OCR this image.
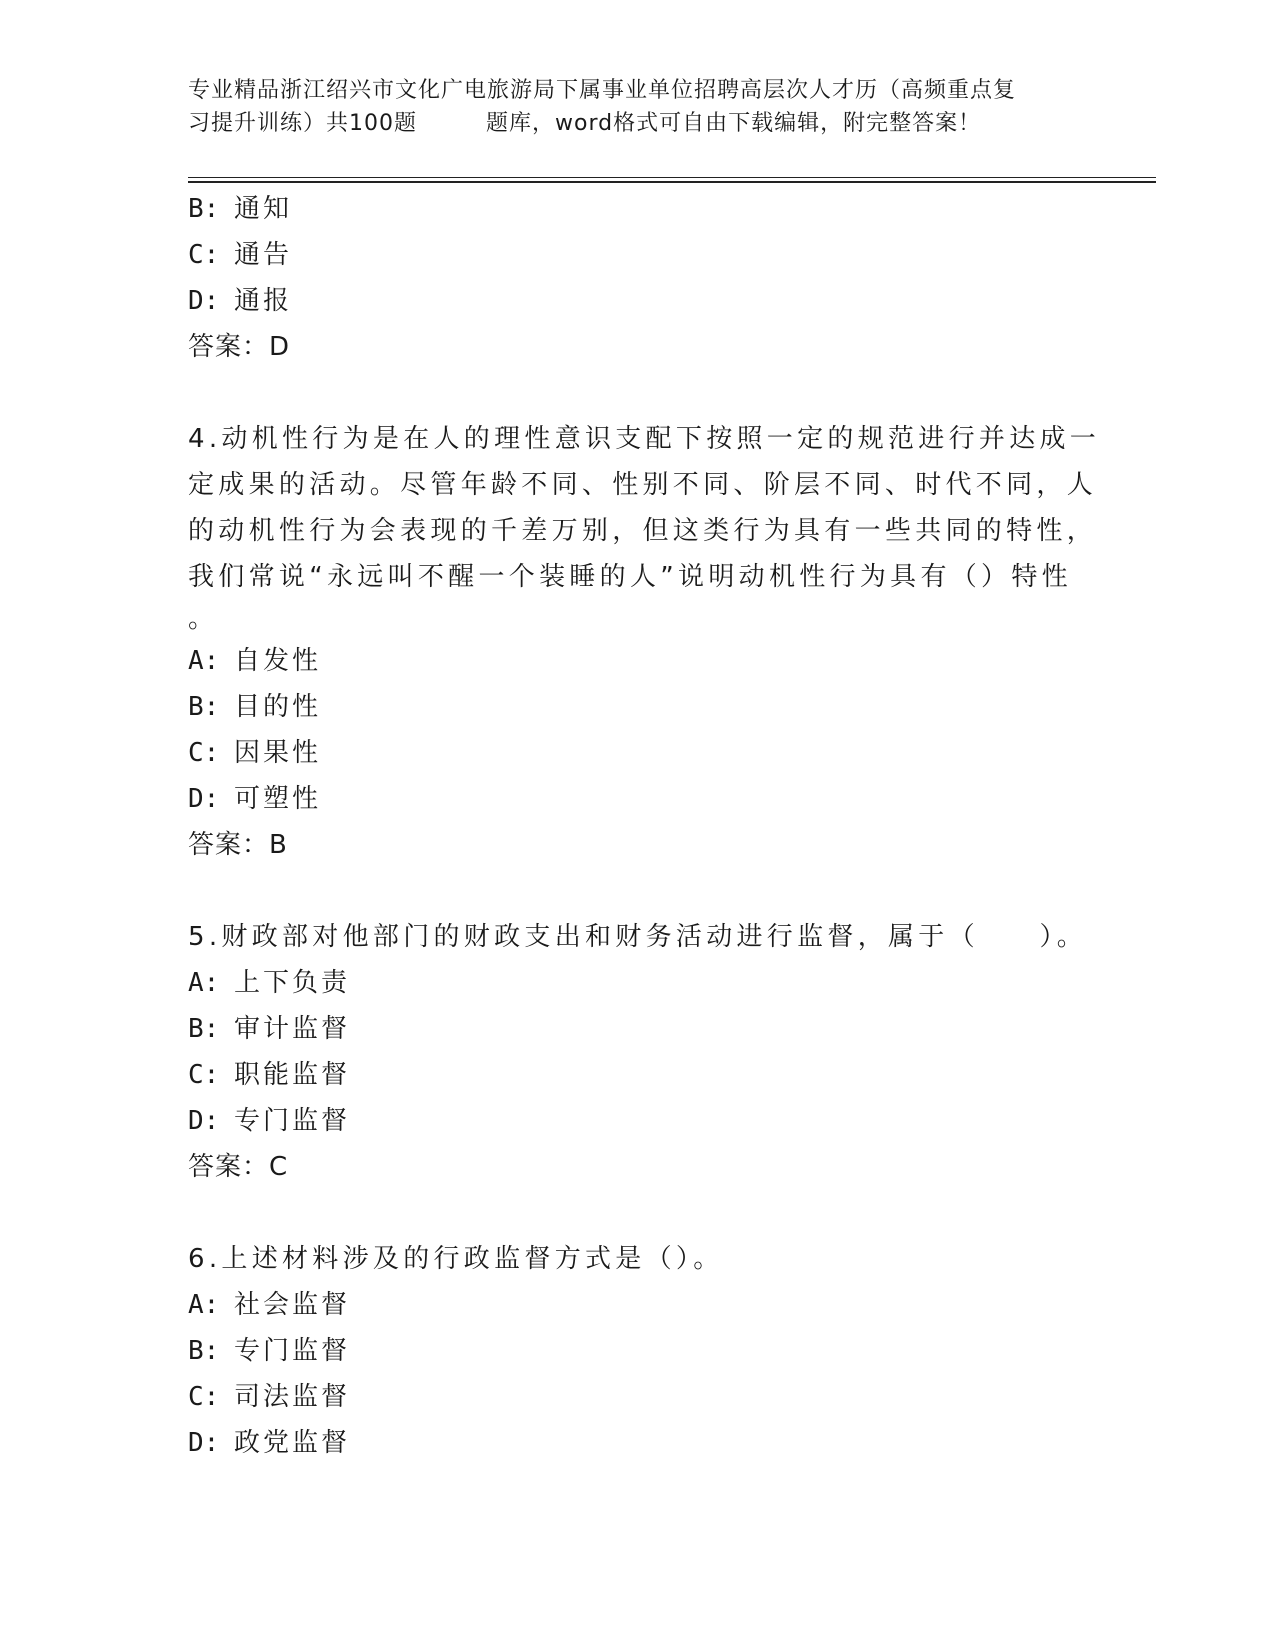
专业精品浙江绍兴市文化广电旅游局下属事业单位招聘高层次人才历（高频重点复
习提升训练）共100题　　　题库，word格式可自由下载编辑，附完整答案！
B: 通知
C: 通告
D: 通报
答案：D
4.动机性行为是在人的理性意识支配下按照一定的规范进行并达成一
定成果的活动。尽管年龄不同、性别不同、阶层不同、时代不同，人
的动机性行为会表现的千差万别，但这类行为具有一些共同的特性，
我们常说“永远叫不醒一个装睡的人”说明动机性行为具有（）特性
。
A: 自发性
B: 目的性
C: 因果性
D: 可塑性
答案：B
5.财政部对他部门的财政支出和财务活动进行监督，属于（　　）。
A: 上下负责
B: 审计监督
C: 职能监督
D: 专门监督
答案：C
6.上述材料涉及的行政监督方式是（）。
A: 社会监督
B: 专门监督
C: 司法监督
D: 政党监督
